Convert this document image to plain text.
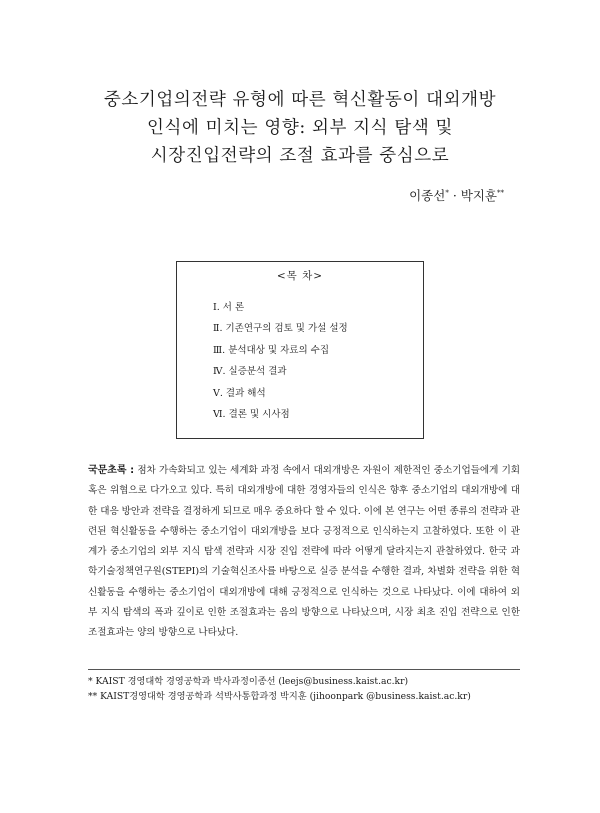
중소기업의전략 유형에 따른 혁신활동이 대외개방
인식에 미치는 영향: 외부 지식 탐색 및
시장진입전략의 조절 효과를 중심으로
이종선* · 박지훈**
<목 차>
Ⅰ. 서 론
Ⅱ. 기존연구의 검토 및 가설 설정
Ⅲ. 분석대상 및 자료의 수집
Ⅳ. 실증분석 결과
Ⅴ. 결과 해석
Ⅵ. 결론 및 시사점
국문초록 : 점차 가속화되고 있는 세계화 과정 속에서 대외개방은 자원이 제한적인 중소기업들에게 기회 혹은 위협으로 다가오고 있다. 특히 대외개방에 대한 경영자들의 인식은 향후 중소기업의 대외개방에 대한 대응 방안과 전략을 결정하게 되므로 매우 중요하다 할 수 있다. 이에 본 연구는 어떤 종류의 전략과 관련된 혁신활동을 수행하는 중소기업이 대외개방을 보다 긍정적으로 인식하는지 고찰하였다. 또한 이 관계가 중소기업의 외부 지식 탐색 전략과 시장 진입 전략에 따라 어떻게 달라지는지 관찰하였다. 한국 과학기술정책연구원(STEPI)의 기술혁신조사를 바탕으로 실증 분석을 수행한 결과, 차별화 전략을 위한 혁신활동을 수행하는 중소기업이 대외개방에 대해 긍정적으로 인식하는 것으로 나타났다. 이에 대하여 외부 지식 탐색의 폭과 깊이로 인한 조절효과는 음의 방향으로 나타났으며, 시장 최초 진입 전략으로 인한 조절효과는 양의 방향으로 나타났다.
* KAIST 경영대학 경영공학과 박사과정이종선 (leejs@business.kaist.ac.kr)
** KAIST경영대학 경영공학과 석박사통합과정 박지훈 (jihoonpark @business.kaist.ac.kr)
